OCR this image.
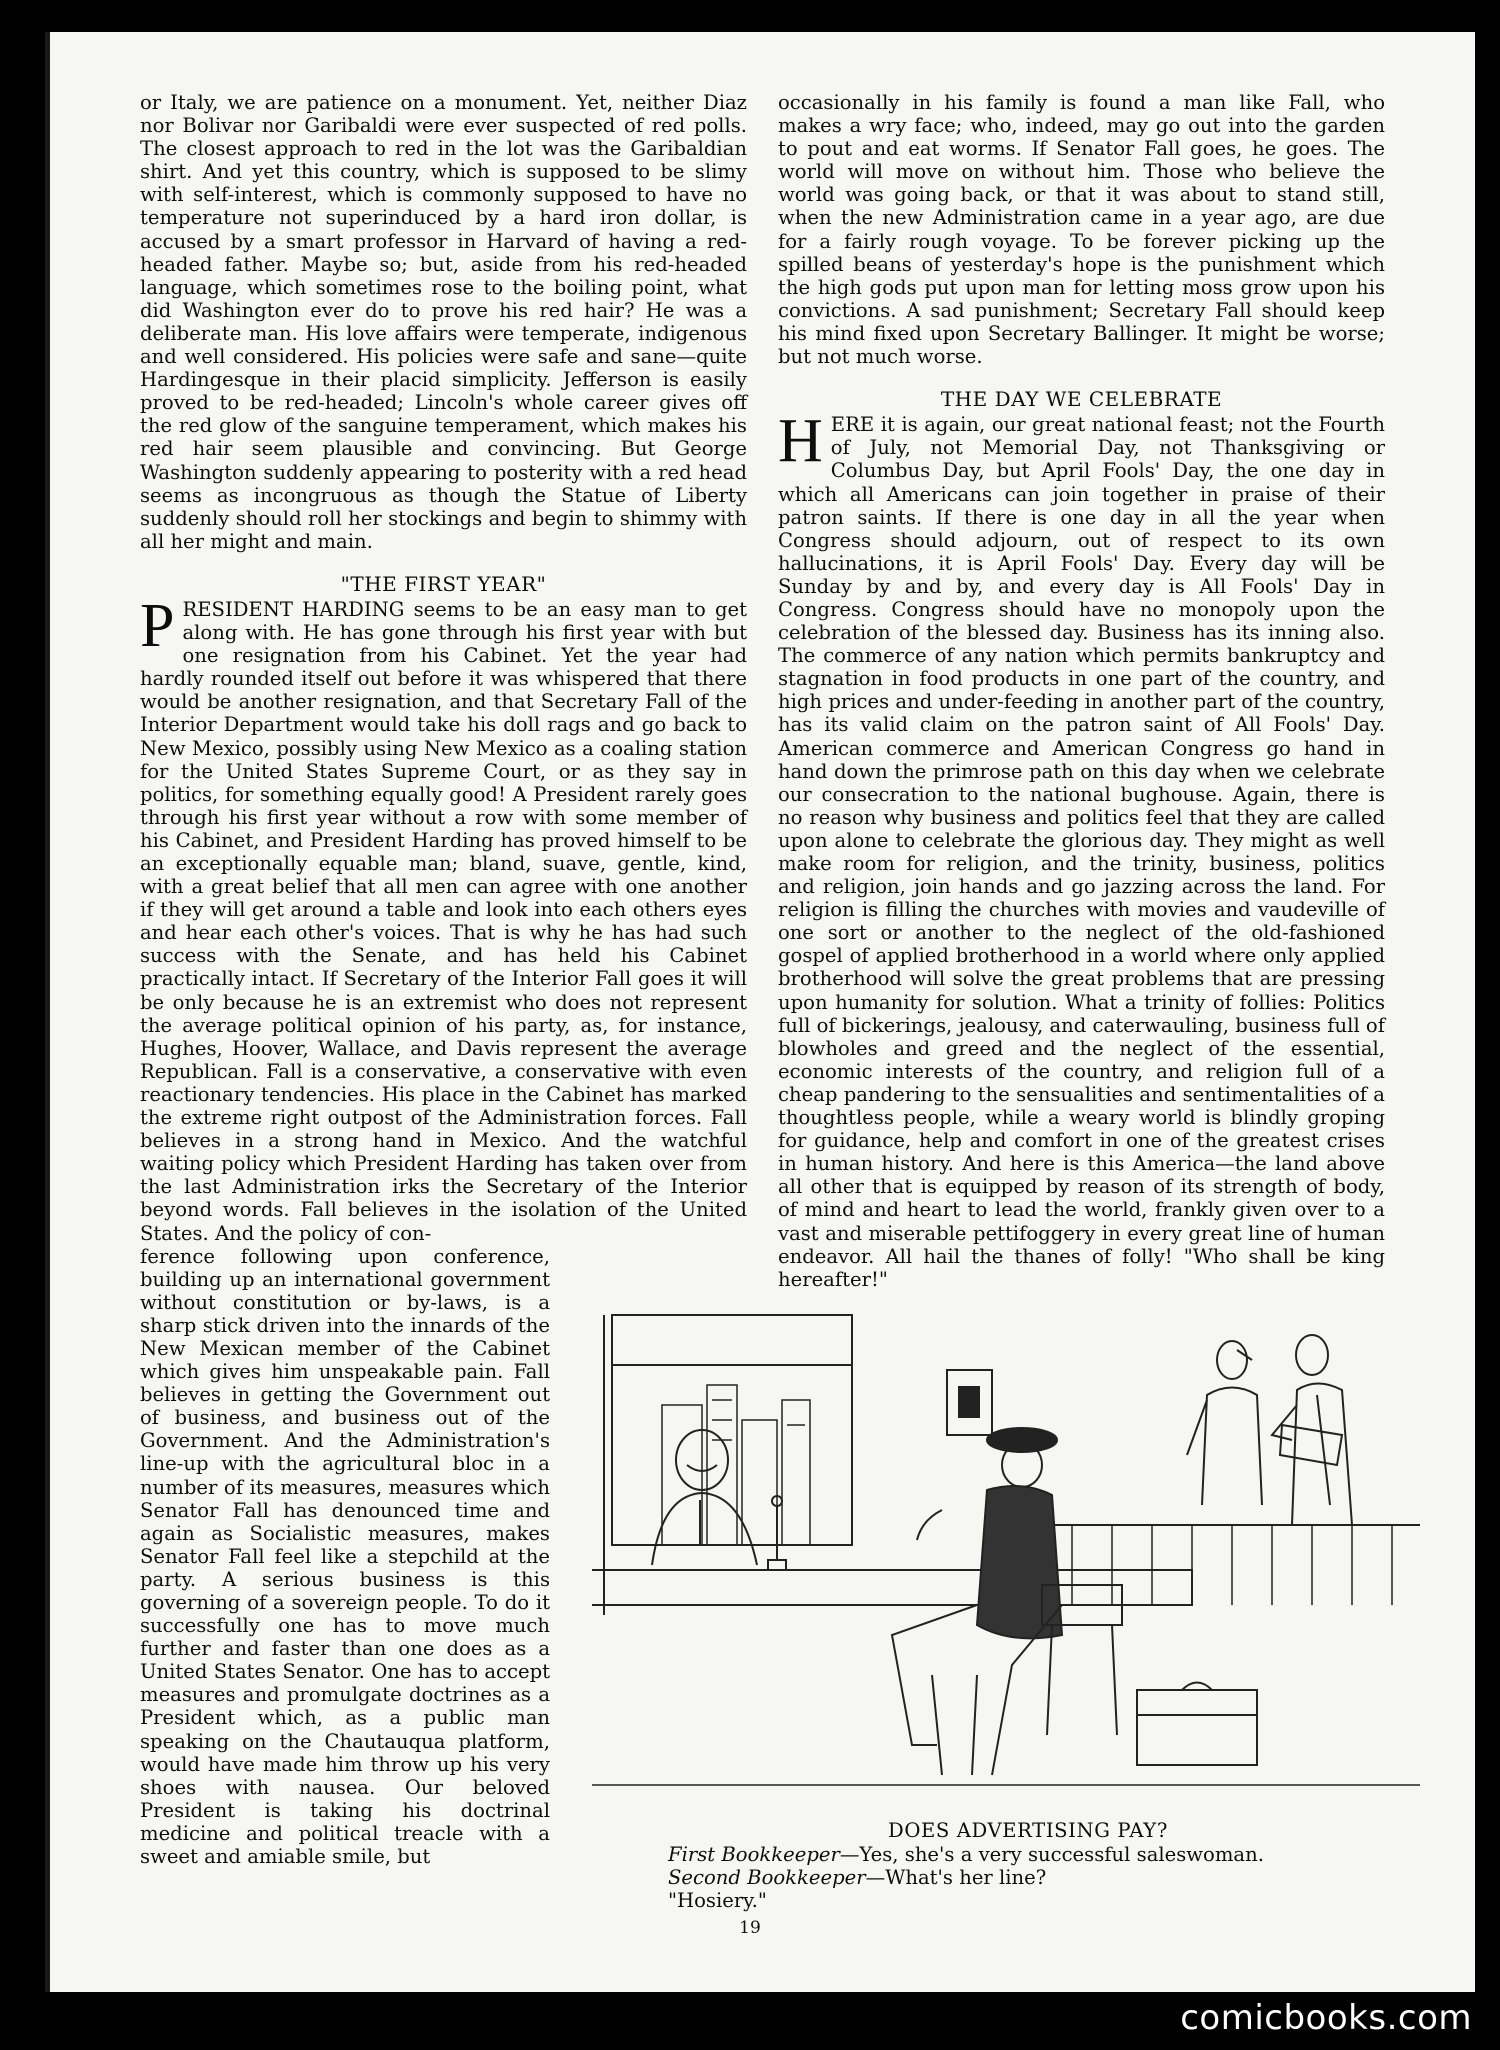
or Italy, we are patience on a monument. Yet, neither Diaz nor Bolivar nor Garibaldi were ever suspected of red polls. The closest approach to red in the lot was the Garibaldian shirt. And yet this country, which is supposed to be slimy with self-interest, which is commonly supposed to have no temperature not superinduced by a hard iron dollar, is accused by a smart professor in Harvard of having a red-headed father. Maybe so; but, aside from his red-headed language, which sometimes rose to the boiling point, what did Washington ever do to prove his red hair? He was a deliberate man. His love affairs were temperate, indigenous and well considered. His policies were safe and sane—quite Hardingesque in their placid simplicity. Jefferson is easily proved to be red-headed; Lincoln's whole career gives off the red glow of the sanguine temperament, which makes his red hair seem plausible and convincing. But George Washington suddenly appearing to posterity with a red head seems as incongruous as though the Statue of Liberty suddenly should roll her stockings and begin to shimmy with all her might and main.

"THE FIRST YEAR"

P RESIDENT HARDING seems to be an easy man to get along with. He has gone through his first year with but one resignation from his Cabinet. Yet the year had hardly rounded itself out before it was whispered that there would be another resignation, and that Secretary Fall of the Interior Department would take his doll rags and go back to New Mexico, possibly using New Mexico as a coaling station for the United States Supreme Court, or as they say in politics, for something equally good! A President rarely goes through his first year without a row with some member of his Cabinet, and President Harding has proved himself to be an exceptionally equable man; bland, suave, gentle, kind, with a great belief that all men can agree with one another if they will get around a table and look into each others eyes and hear each other's voices. That is why he has had such success with the Senate, and has held his Cabinet practically intact. If Secretary of the Interior Fall goes it will be only because he is an extremist who does not represent the average political opinion of his party, as, for instance, Hughes, Hoover, Wallace, and Davis represent the average Republican. Fall is a conservative, a conservative with even reactionary tendencies. His place in the Cabinet has marked the extreme right outpost of the Administration forces. Fall believes in a strong hand in Mexico. And the watchful waiting policy which President Harding has taken over from the last Administration irks the Secretary of the Interior beyond words. Fall believes in the isolation of the United States. And the policy of con-

ference following upon conference, building up an international government without constitution or by-laws, is a sharp stick driven into the innards of the New Mexican member of the Cabinet which gives him unspeakable pain. Fall believes in getting the Government out of business, and business out of the Government. And the Administration's line-up with the agricultural bloc in a number of its measures, measures which Senator Fall has denounced time and again as Socialistic measures, makes Senator Fall feel like a stepchild at the party. A serious business is this governing of a sovereign people. To do it successfully one has to move much further and faster than one does as a United States Senator. One has to accept measures and promulgate doctrines as a President which, as a public man speaking on the Chautauqua platform, would have made him throw up his very shoes with nausea. Our beloved President is taking his doctrinal medicine and political treacle with a sweet and amiable smile, but

occasionally in his family is found a man like Fall, who makes a wry face; who, indeed, may go out into the garden to pout and eat worms. If Senator Fall goes, he goes. The world will move on without him. Those who believe the world was going back, or that it was about to stand still, when the new Administration came in a year ago, are due for a fairly rough voyage. To be forever picking up the spilled beans of yesterday's hope is the punishment which the high gods put upon man for letting moss grow upon his convictions. A sad punishment; Secretary Fall should keep his mind fixed upon Secretary Ballinger. It might be worse; but not much worse.

THE DAY WE CELEBRATE

H ERE it is again, our great national feast; not the Fourth of July, not Memorial Day, not Thanksgiving or Columbus Day, but April Fools' Day, the one day in which all Americans can join together in praise of their patron saints. If there is one day in all the year when Congress should adjourn, out of respect to its own hallucinations, it is April Fools' Day. Every day will be Sunday by and by, and every day is All Fools' Day in Congress. Congress should have no monopoly upon the celebration of the blessed day. Business has its inning also. The commerce of any nation which permits bankruptcy and stagnation in food products in one part of the country, and high prices and under-feeding in another part of the country, has its valid claim on the patron saint of All Fools' Day. American commerce and American Congress go hand in hand down the primrose path on this day when we celebrate our consecration to the national bughouse. Again, there is no reason why business and politics feel that they are called upon alone to celebrate the glorious day. They might as well make room for religion, and the trinity, business, politics and religion, join hands and go jazzing across the land. For religion is filling the churches with movies and vaudeville of one sort or another to the neglect of the old-fashioned gospel of applied brotherhood in a world where only applied brotherhood will solve the great problems that are pressing upon humanity for solution. What a trinity of follies: Politics full of bickerings, jealousy, and caterwauling, business full of blowholes and greed and the neglect of the essential, economic interests of the country, and religion full of a cheap pandering to the sensualities and sentimentalities of a thoughtless people, while a weary world is blindly groping for guidance, help and comfort in one of the greatest crises in human history. And here is this America—the land above all other that is equipped by reason of its strength of body, of mind and heart to lead the world, frankly given over to a vast and miserable pettifoggery in every great line of human endeavor. All hail the thanes of folly! "Who shall be king hereafter!"

DOES ADVERTISING PAY?
First Bookkeeper—Yes, she's a very successful saleswoman.
Second Bookkeeper—What's her line?
"Hosiery."
19
comicbooks.com
